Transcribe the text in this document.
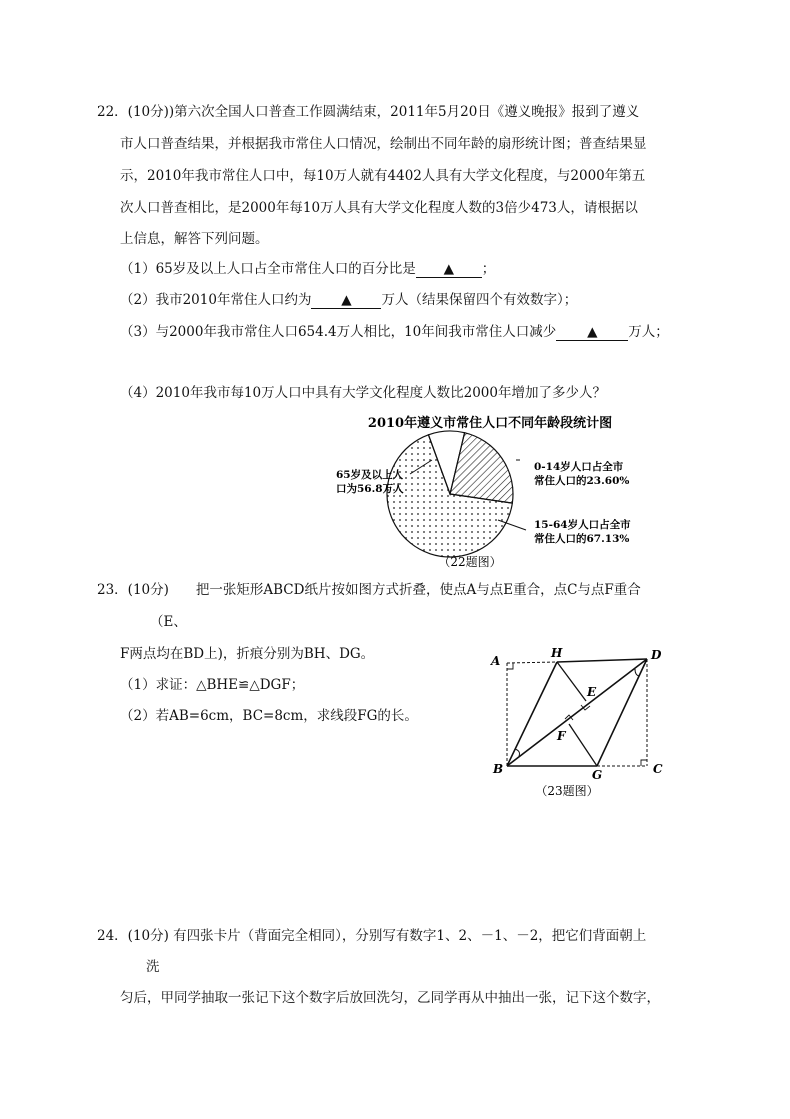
22．(10分))第六次全国人口普查工作圆满结束，2011年5月20日《遵义晚报》报到了遵义
市人口普查结果，并根据我市常住人口情况，绘制出不同年龄的扇形统计图；普查结果显
示，2010年我市常住人口中，每10万人就有4402人具有大学文化程度，与2000年第五
次人口普查相比，是2000年每10万人具有大学文化程度人数的3倍少473人，请根据以
上信息，解答下列问题。
（1）65岁及以上人口占全市常住人口的百分比是 ▲ ；
（2）我市2010年常住人口约为 ▲ 万人（结果保留四个有效数字）；
（3）与2000年我市常住人口654.4万人相比，10年间我市常住人口减少 ▲ 万人；
（4）2010年我市每10万人口中具有大学文化程度人数比2000年增加了多少人？
2010年遵义市常住人口不同年龄段统计图
65岁及以上人
口为56.8万人
0-14岁人口占全市
常住人口的23.60%
15-64岁人口占全市
常住人口的67.13%
（22题图）
23．(10分)　　把一张矩形ABCD纸片按如图方式折叠，使点A与点E重合，点C与点F重合
（E、
F两点均在BD上)，折痕分别为BH、DG。
（1）求证：△BHE≌△DGF；
（2）若AB=6cm，BC=8cm，求线段FG的长。
A
H	D
E
F
B	G	C
（23题图）
24．(10分) 有四张卡片（背面完全相同），分别写有数字1、2、－1、－2，把它们背面朝上
洗
匀后，甲同学抽取一张记下这个数字后放回洗匀，乙同学再从中抽出一张，记下这个数字，
